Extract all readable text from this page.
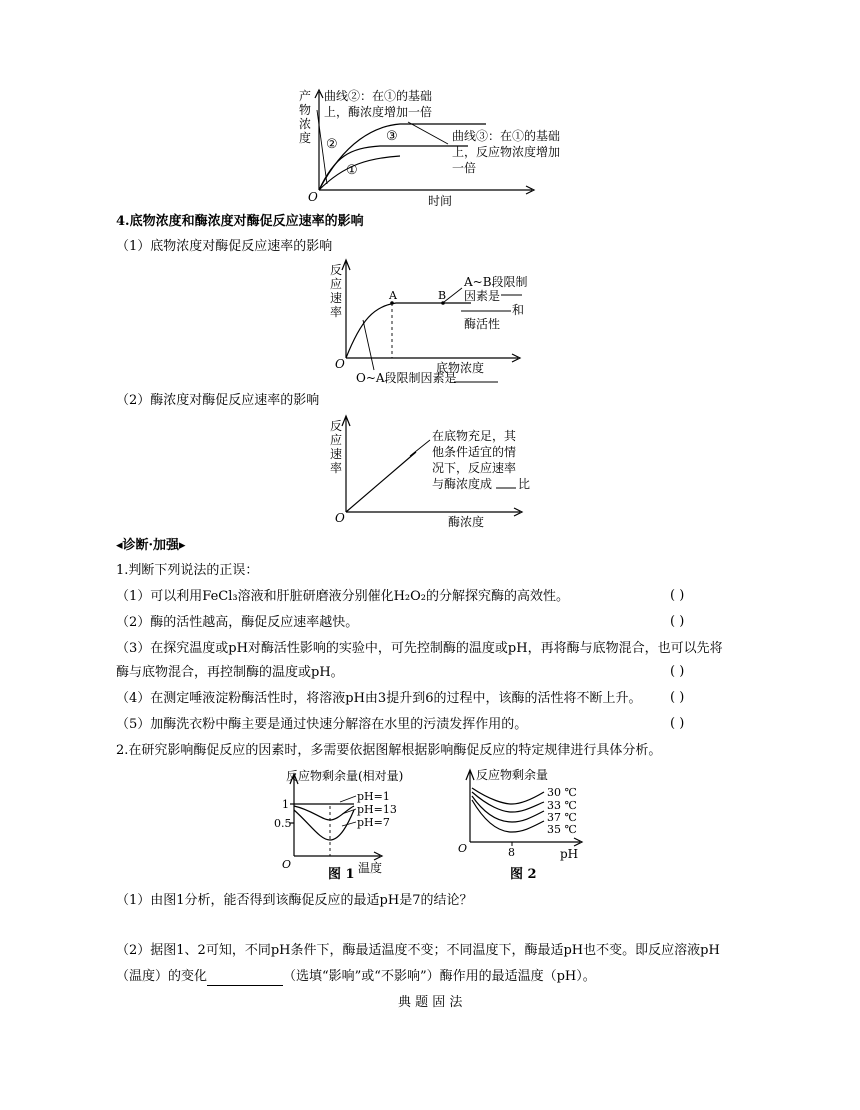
产
物
浓
度
O	时间
②
③
①
曲线②：在①的基础
上，酶浓度增加一倍
曲线③：在①的基础
上，反应物浓度增加
一倍
4.底物浓度和酶浓度对酶促反应速率的影响
（1）底物浓度对酶促反应速率的影响
反
应
速
率
O	底物浓度
A	B
A~B段限制
因素是
和
酶活性
O~A段限制因素是
（2）酶浓度对酶促反应速率的影响
反
应
速
率
O	酶浓度
在底物充足，其
他条件适宜的情
况下，反应速率
与酶浓度成 比
◂诊断·加强▸
1.判断下列说法的正误：
（1）可以利用FeCl₃溶液和肝脏研磨液分别催化H₂O₂的分解探究酶的高效性。	( )
（2）酶的活性越高，酶促反应速率越快。	( )
（3）在探究温度或pH对酶活性影响的实验中，可先控制酶的温度或pH，再将酶与底物混合，也可以先将
酶与底物混合，再控制酶的温度或pH。	( )
（4）在测定唾液淀粉酶活性时，将溶液pH由3提升到6的过程中，该酶的活性将不断上升。 ( )
（5）加酶洗衣粉中酶主要是通过快速分解溶在水里的污渍发挥作用的。	( )
2.在研究影响酶促反应的因素时，多需要依据图解根据影响酶促反应的特定规律进行具体分析。
反应物剩余量(相对量)
1
0.5
O	温度
pH=1
pH=13
pH=7
图 1
反应物剩余量
O	8	pH
30 ℃
33 ℃
37 ℃
35 ℃
图 2
（1）由图1分析，能否得到该酶促反应的最适pH是7的结论？
（2）据图1、2可知，不同pH条件下，酶最适温度不变；不同温度下，酶最适pH也不变。即反应溶液pH
（温度）的变化	（选填“影响”或“不影响”）酶作用的最适温度（pH）。
典 题 固 法
